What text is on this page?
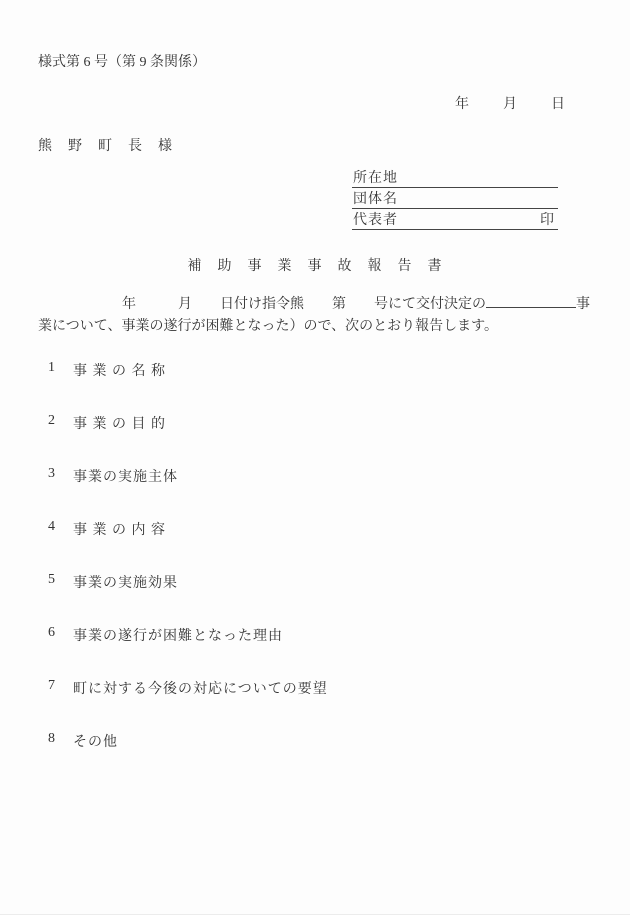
様式第 6 号（第 9 条関係）
年 月 日
熊　野　町　長　様
所在地
団体名
代表者	印
補　助　事　業　事　故　報　告　書
　　　　　　年　　　月　　日付け指令熊　　第　　号にて交付決定の	事
業について、事業の遂行が困難となった）ので、次のとおり報告します。
1	事 業 の 名 称
2	事 業 の 目 的
3	事業の実施主体
4	事 業 の 内 容
5	事業の実施効果
6	事業の遂行が困難となった理由
7	町に対する今後の対応についての要望
8	その他
